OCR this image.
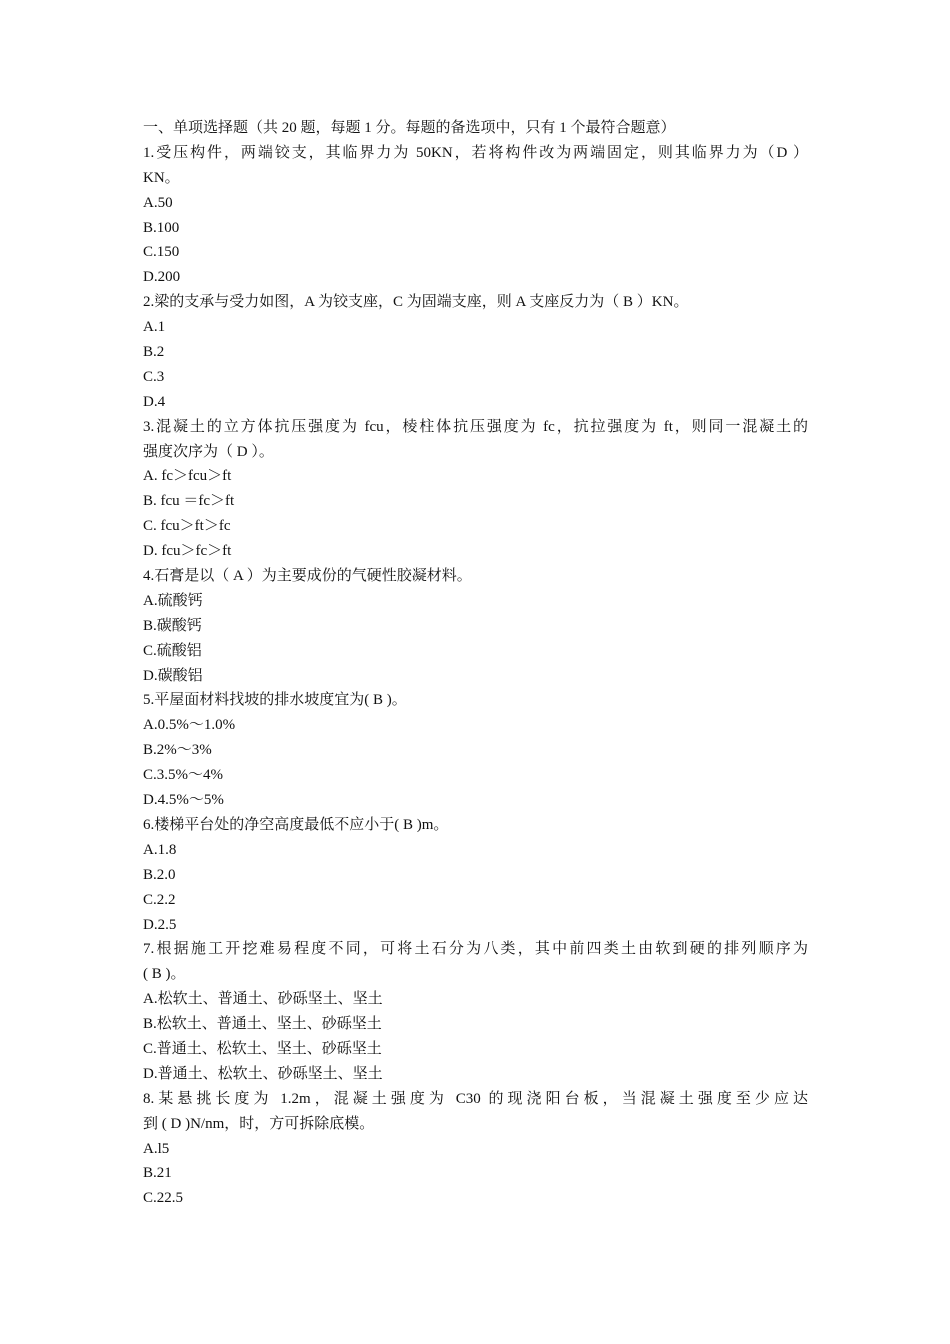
一、单项选择题（共 20 题，每题 1 分。每题的备选项中，只有 1 个最符合题意）
1.受压构件，两端铰支，其临界力为 50KN，若将构件改为两端固定，则其临界力为（D ）
KN。
A.50
B.100
C.150
D.200
2.梁的支承与受力如图，A 为铰支座，C 为固端支座，则 A 支座反力为（ B ）KN。
A.1
B.2
C.3
D.4
3.混凝土的立方体抗压强度为 fcu，棱柱体抗压强度为 fc，抗拉强度为 ft，则同一混凝土的
强度次序为（ D ）。
A. fc＞fcu＞ft
B. fcu ＝fc＞ft
C. fcu＞ft＞fc
D. fcu＞fc＞ft
4.石膏是以（ A ）为主要成份的气硬性胶凝材料。
A.硫酸钙
B.碳酸钙
C.硫酸铝
D.碳酸铝
5.平屋面材料找坡的排水坡度宜为( B )。
A.0.5%～1.0%
B.2%～3%
C.3.5%～4%
D.4.5%～5%
6.楼梯平台处的净空高度最低不应小于( B )m。
A.1.8
B.2.0
C.2.2
D.2.5
7.根据施工开挖难易程度不同，可将土石分为八类，其中前四类土由软到硬的排列顺序为
( B )。
A.松软土、普通土、砂砾坚土、坚土
B.松软土、普通土、坚土、砂砾坚土
C.普通土、松软土、坚土、砂砾坚土
D.普通土、松软土、砂砾坚土、坚土
8.某悬挑长度为 1.2m，混凝土强度为 C30 的现浇阳台板，当混凝土强度至少应达
到 ( D )N/nm，时，方可拆除底模。
A.l5
B.21
C.22.5
